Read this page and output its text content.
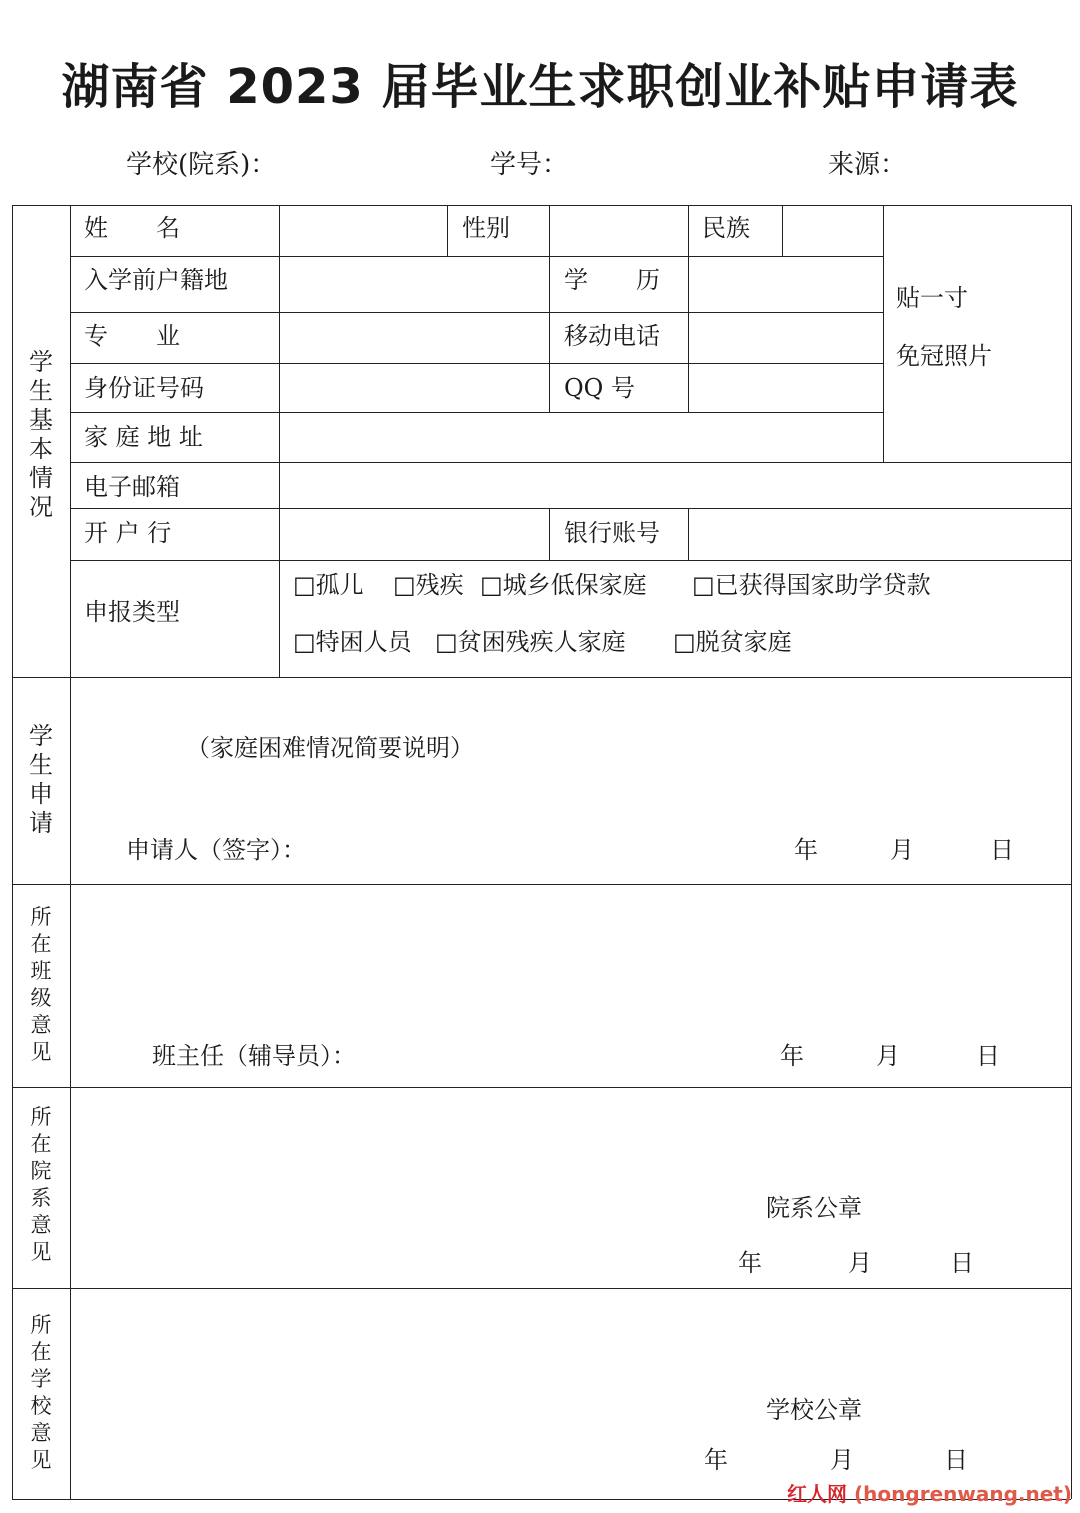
湖南省 2023 届毕业生求职创业补贴申请表
学校(院系)：	学号：	来源：
学
生
基
本
情
况
姓　　名	性别	民族
入学前户籍地	学　　历
专　　业	移动电话
身份证号码	QQ 号
家 庭 地 址
电子邮箱
开 户 行	银行账号
贴一寸
免冠照片
申报类型
□孤儿 □残疾 □城乡低保家庭 □已获得国家助学贷款
□特困人员 □贫困残疾人家庭 □脱贫家庭
学
生
申
请
（家庭困难情况简要说明）
申请人（签字）：	年	月	日
所
在
班
级
意
见	班主任（辅导员）：	年	月	日
所
在
院
系
意
见
院系公章
年	月	日
所
在
学
校
意
见
学校公章
年	月	日
红人网 (hongrenwang.net)
